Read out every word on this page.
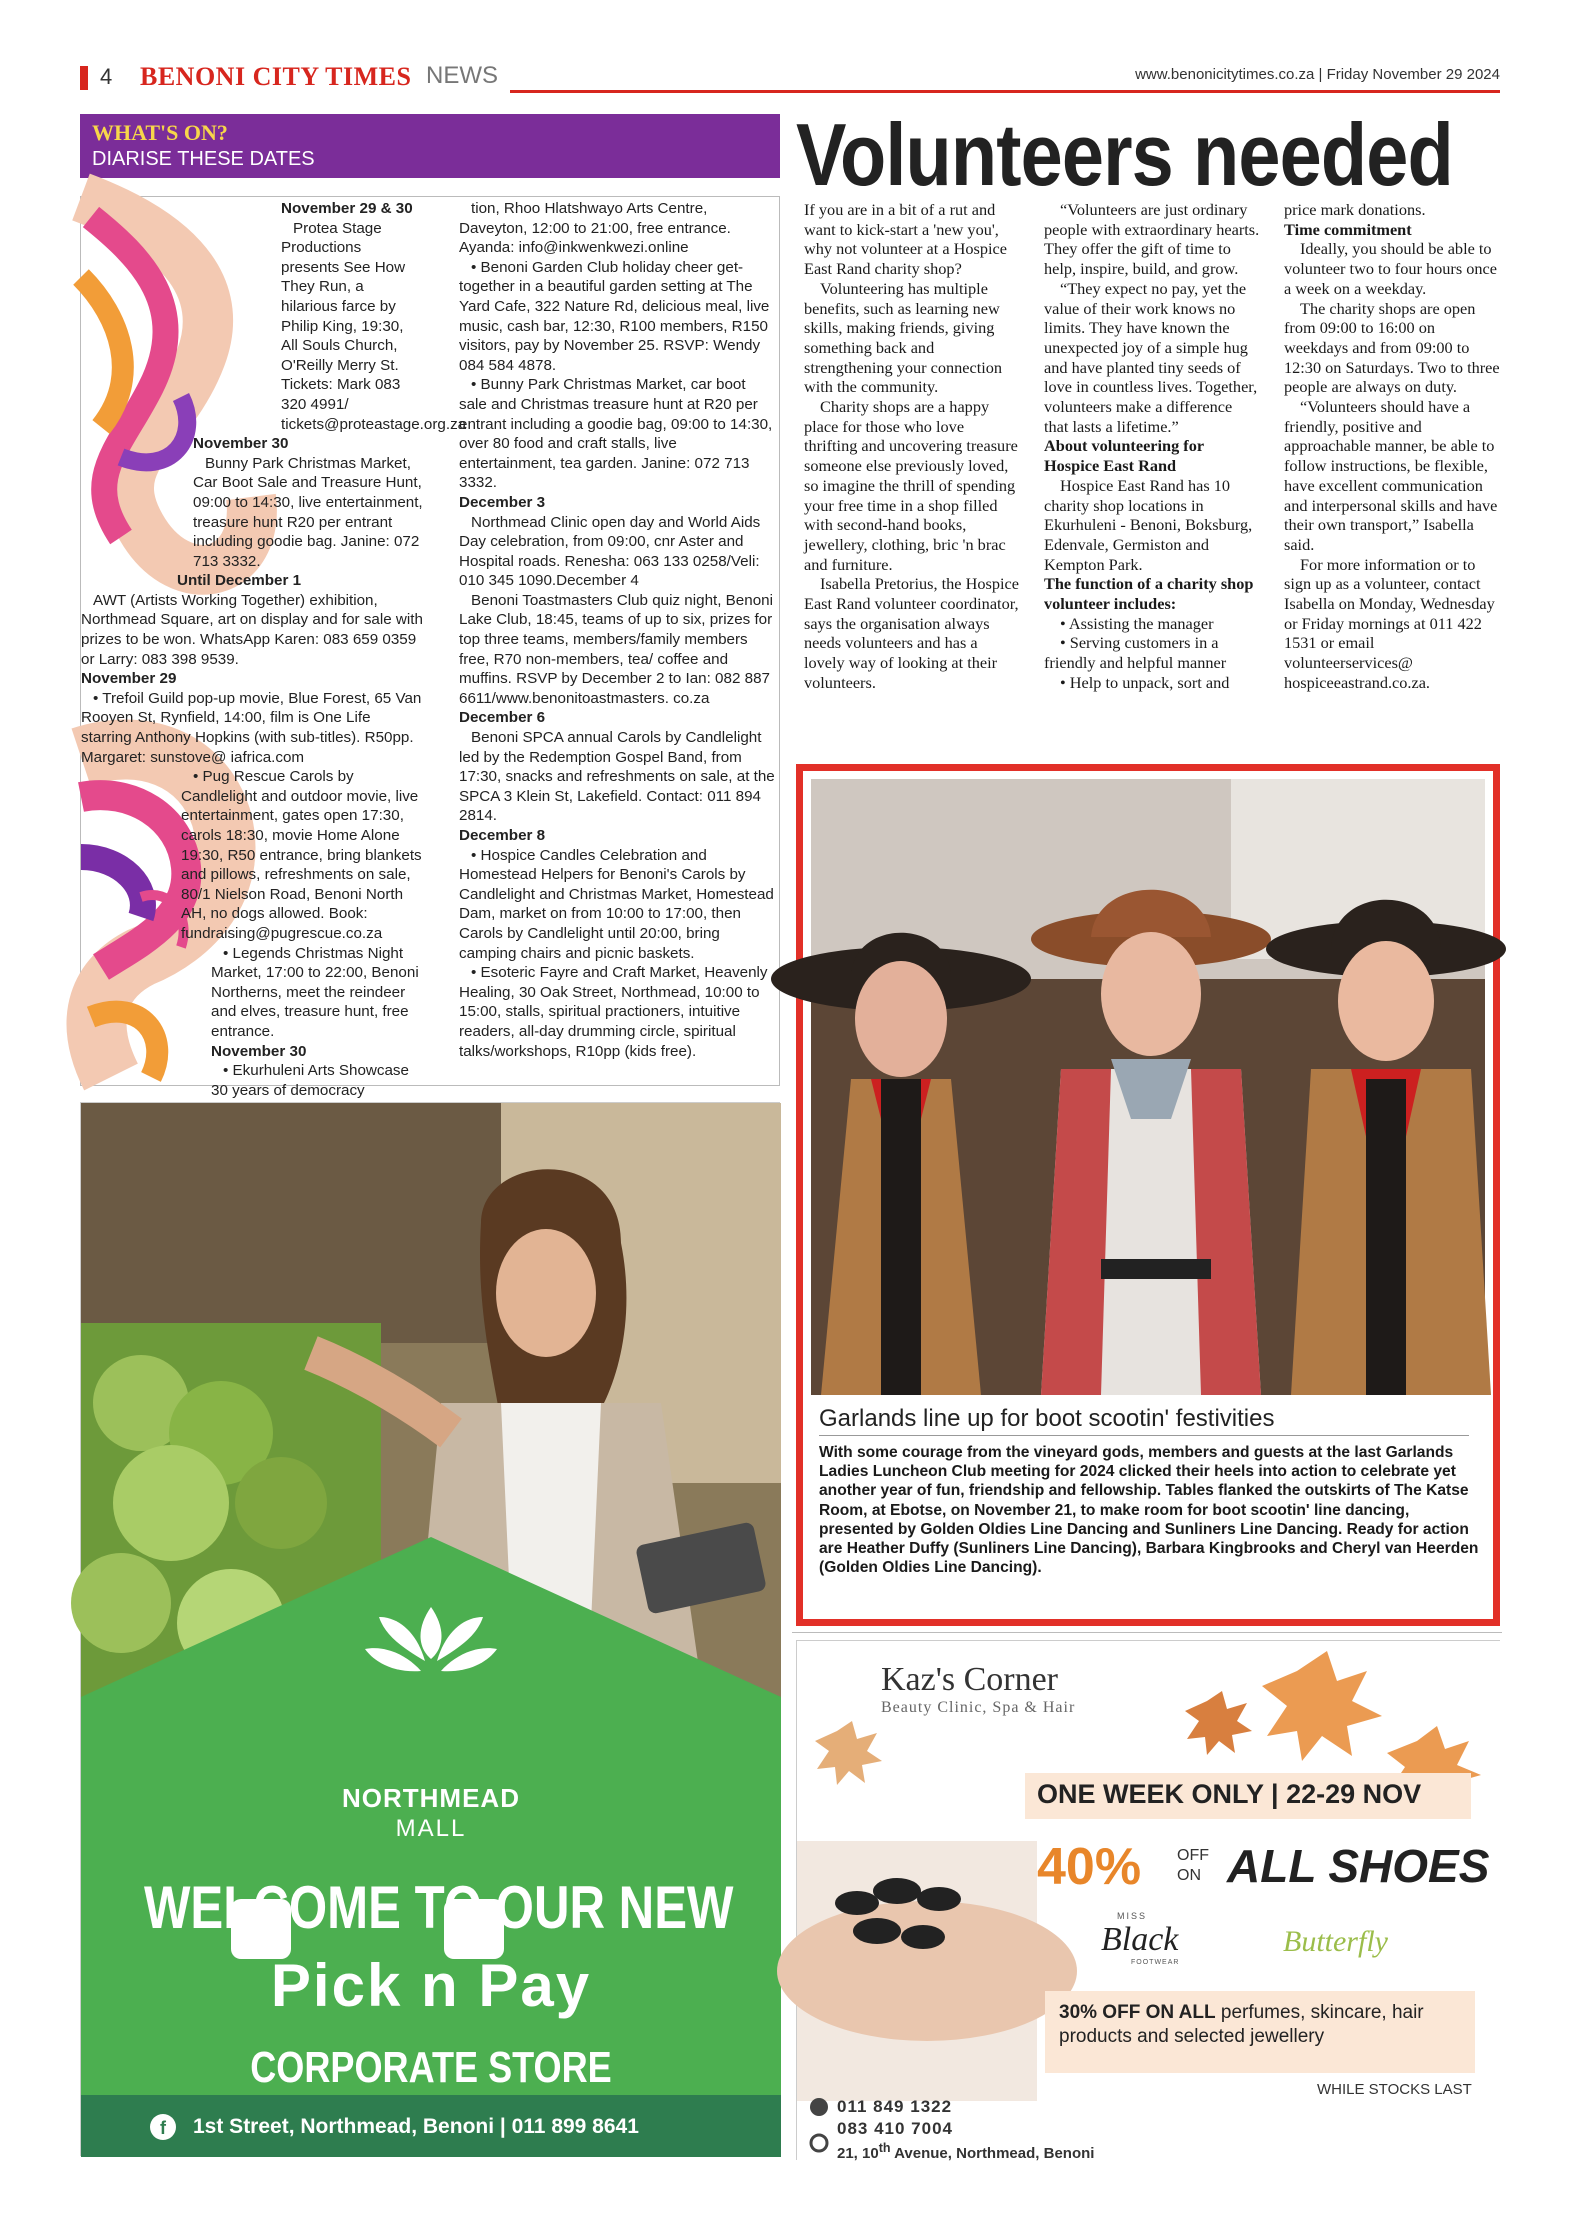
4 BENONI CITY TIMES NEWS	www.benonicitytimes.co.za | Friday November 29 2024
WHAT'S ON?
DIARISE THESE DATES

November 29 & 30

Protea Stage Productions presents See How They Run, a hilarious farce by Philip King, 19:30, All Souls Church, O'Reilly Merry St. Tickets: Mark 083 320 4991/ tickets@proteastage.org.za

November 30

Bunny Park Christmas Market, Car Boot Sale and Treasure Hunt, 09:00 to 14:30, live entertainment, treasure hunt R20 per entrant including goodie bag. Janine: 072 713 3332.

Until December 1

AWT (Artists Working Together) exhibition, Northmead Square, art on display and for sale with prizes to be won. WhatsApp Karen: 083 659 0359 or Larry: 083 398 9539.

November 29

• Trefoil Guild pop-up movie, Blue Forest, 65 Van Rooyen St, Rynfield, 14:00, film is One Life starring Anthony Hopkins (with sub-titles). R50pp. Margaret: sunstove@ iafrica.com

• Pug Rescue Carols by Candlelight and outdoor movie, live entertainment, gates open 17:30, carols 18:30, movie Home Alone 19:30, R50 entrance, bring blankets and pillows, refreshments on sale, 80/1 Nielson Road, Benoni North AH, no dogs allowed. Book: fundraising@pugrescue.co.za

• Legends Christmas Night Market, 17:00 to 22:00, Benoni Northerns, meet the reindeer and elves, treasure hunt, free entrance.

November 30

• Ekurhuleni Arts Showcase 30 years of democracy

tion, Rhoo Hlatshwayo Arts Centre, Daveyton, 12:00 to 21:00, free entrance. Ayanda: info@inkwenkwezi.online

• Benoni Garden Club holiday cheer get-together in a beautiful garden setting at The Yard Cafe, 322 Nature Rd, delicious meal, live music, cash bar, 12:30, R100 members, R150 visitors, pay by November 25. RSVP: Wendy 084 584 4878.

• Bunny Park Christmas Market, car boot sale and Christmas treasure hunt at R20 per entrant including a goodie bag, 09:00 to 14:30, over 80 food and craft stalls, live entertainment, tea garden. Janine: 072 713 3332.

December 3

Northmead Clinic open day and World Aids Day celebration, from 09:00, cnr Aster and Hospital roads. Renesha: 063 133 0258/Veli: 010 345 1090.December 4

Benoni Toastmasters Club quiz night, Benoni Lake Club, 18:45, teams of up to six, prizes for top three teams, members/family members free, R70 non-members, tea/ coffee and muffins. RSVP by December 2 to Ian: 082 887 6611/www.benonitoastmasters. co.za

December 6

Benoni SPCA annual Carols by Candlelight led by the Redemption Gospel Band, from 17:30, snacks and refreshments on sale, at the SPCA 3 Klein St, Lakefield. Contact: 011 894 2814.

December 8

• Hospice Candles Celebration and Homestead Helpers for Benoni's Carols by Candlelight and Christmas Market, Homestead Dam, market on from 10:00 to 17:00, then Carols by Candlelight until 20:00, bring camping chairs and picnic baskets.

• Esoteric Fayre and Craft Market, Heavenly Healing, 30 Oak Street, Northmead, 10:00 to 15:00, stalls, spiritual practioners, intuitive readers, all-day drumming circle, spiritual talks/workshops, R10pp (kids free).

Volunteers needed

If you are in a bit of a rut and want to kick-start a 'new you', why not volunteer at a Hospice East Rand charity shop?

Volunteering has multiple benefits, such as learning new skills, making friends, giving something back and strengthening your connection with the community.

Charity shops are a happy place for those who love thrifting and uncovering treasure someone else previously loved, so imagine the thrill of spending your free time in a shop filled with second-hand books, jewellery, clothing, bric 'n brac and furniture.

Isabella Pretorius, the Hospice East Rand volunteer coordinator, says the organisation always needs volunteers and has a lovely way of looking at their volunteers.

“Volunteers are just ordinary people with extraordinary hearts. They offer the gift of time to help, inspire, build, and grow.

“They expect no pay, yet the value of their work knows no limits. They have known the unexpected joy of a simple hug and have planted tiny seeds of love in countless lives. Together, volunteers make a difference that lasts a lifetime.”

About volunteering for Hospice East Rand

Hospice East Rand has 10 charity shop locations in Ekurhuleni - Benoni, Boksburg, Edenvale, Germiston and Kempton Park.

The function of a charity shop volunteer includes:

• Assisting the manager

• Serving customers in a friendly and helpful manner

• Help to unpack, sort and

price mark donations.

Time commitment

Ideally, you should be able to volunteer two to four hours once a week on a weekday.

The charity shops are open from 09:00 to 16:00 on weekdays and from 09:00 to 12:30 on Saturdays. Two to three people are always on duty.

“Volunteers should have a friendly, positive and approachable manner, be able to follow instructions, be flexible, have excellent communication and interpersonal skills and have their own transport,” Isabella said.

For more information or to sign up as a volunteer, contact Isabella on Monday, Wednesday or Friday mornings at 011 422 1531 or email volunteerservices@ hospiceeastrand.co.za.

Garlands line up for boot scootin' festivities
With some courage from the vineyard gods, members and guests at the last Garlands Ladies Luncheon Club meeting for 2024 clicked their heels into action to celebrate yet another year of fun, friendship and fellowship. Tables flanked the outskirts of The Katse Room, at Ebotse, on November 21, to make room for boot scootin' line dancing, presented by Golden Oldies Line Dancing and Sunliners Line Dancing. Ready for action are Heather Duffy (Sunliners Line Dancing), Barbara Kingbrooks and Cheryl van Heerden (Golden Oldies Line Dancing).
f
NORTHMEAD
MALL
WELCOME TO OUR NEW
Pick n Pay
CORPORATE STORE
1st Street, Northmead, Benoni | 011 899 8641
Kaz's Corner
Beauty Clinic, Spa & Hair
ONE WEEK ONLY | 22-29 NOV
40% OFF
ON ALL SHOES
MISS
Black
FOOTWEAR
Butterfly
30% OFF ON ALL perfumes, skincare, hair products and selected jewellery
WHILE STOCKS LAST
011 849 1322
083 410 7004
21, 10th Avenue, Northmead, Benoni
